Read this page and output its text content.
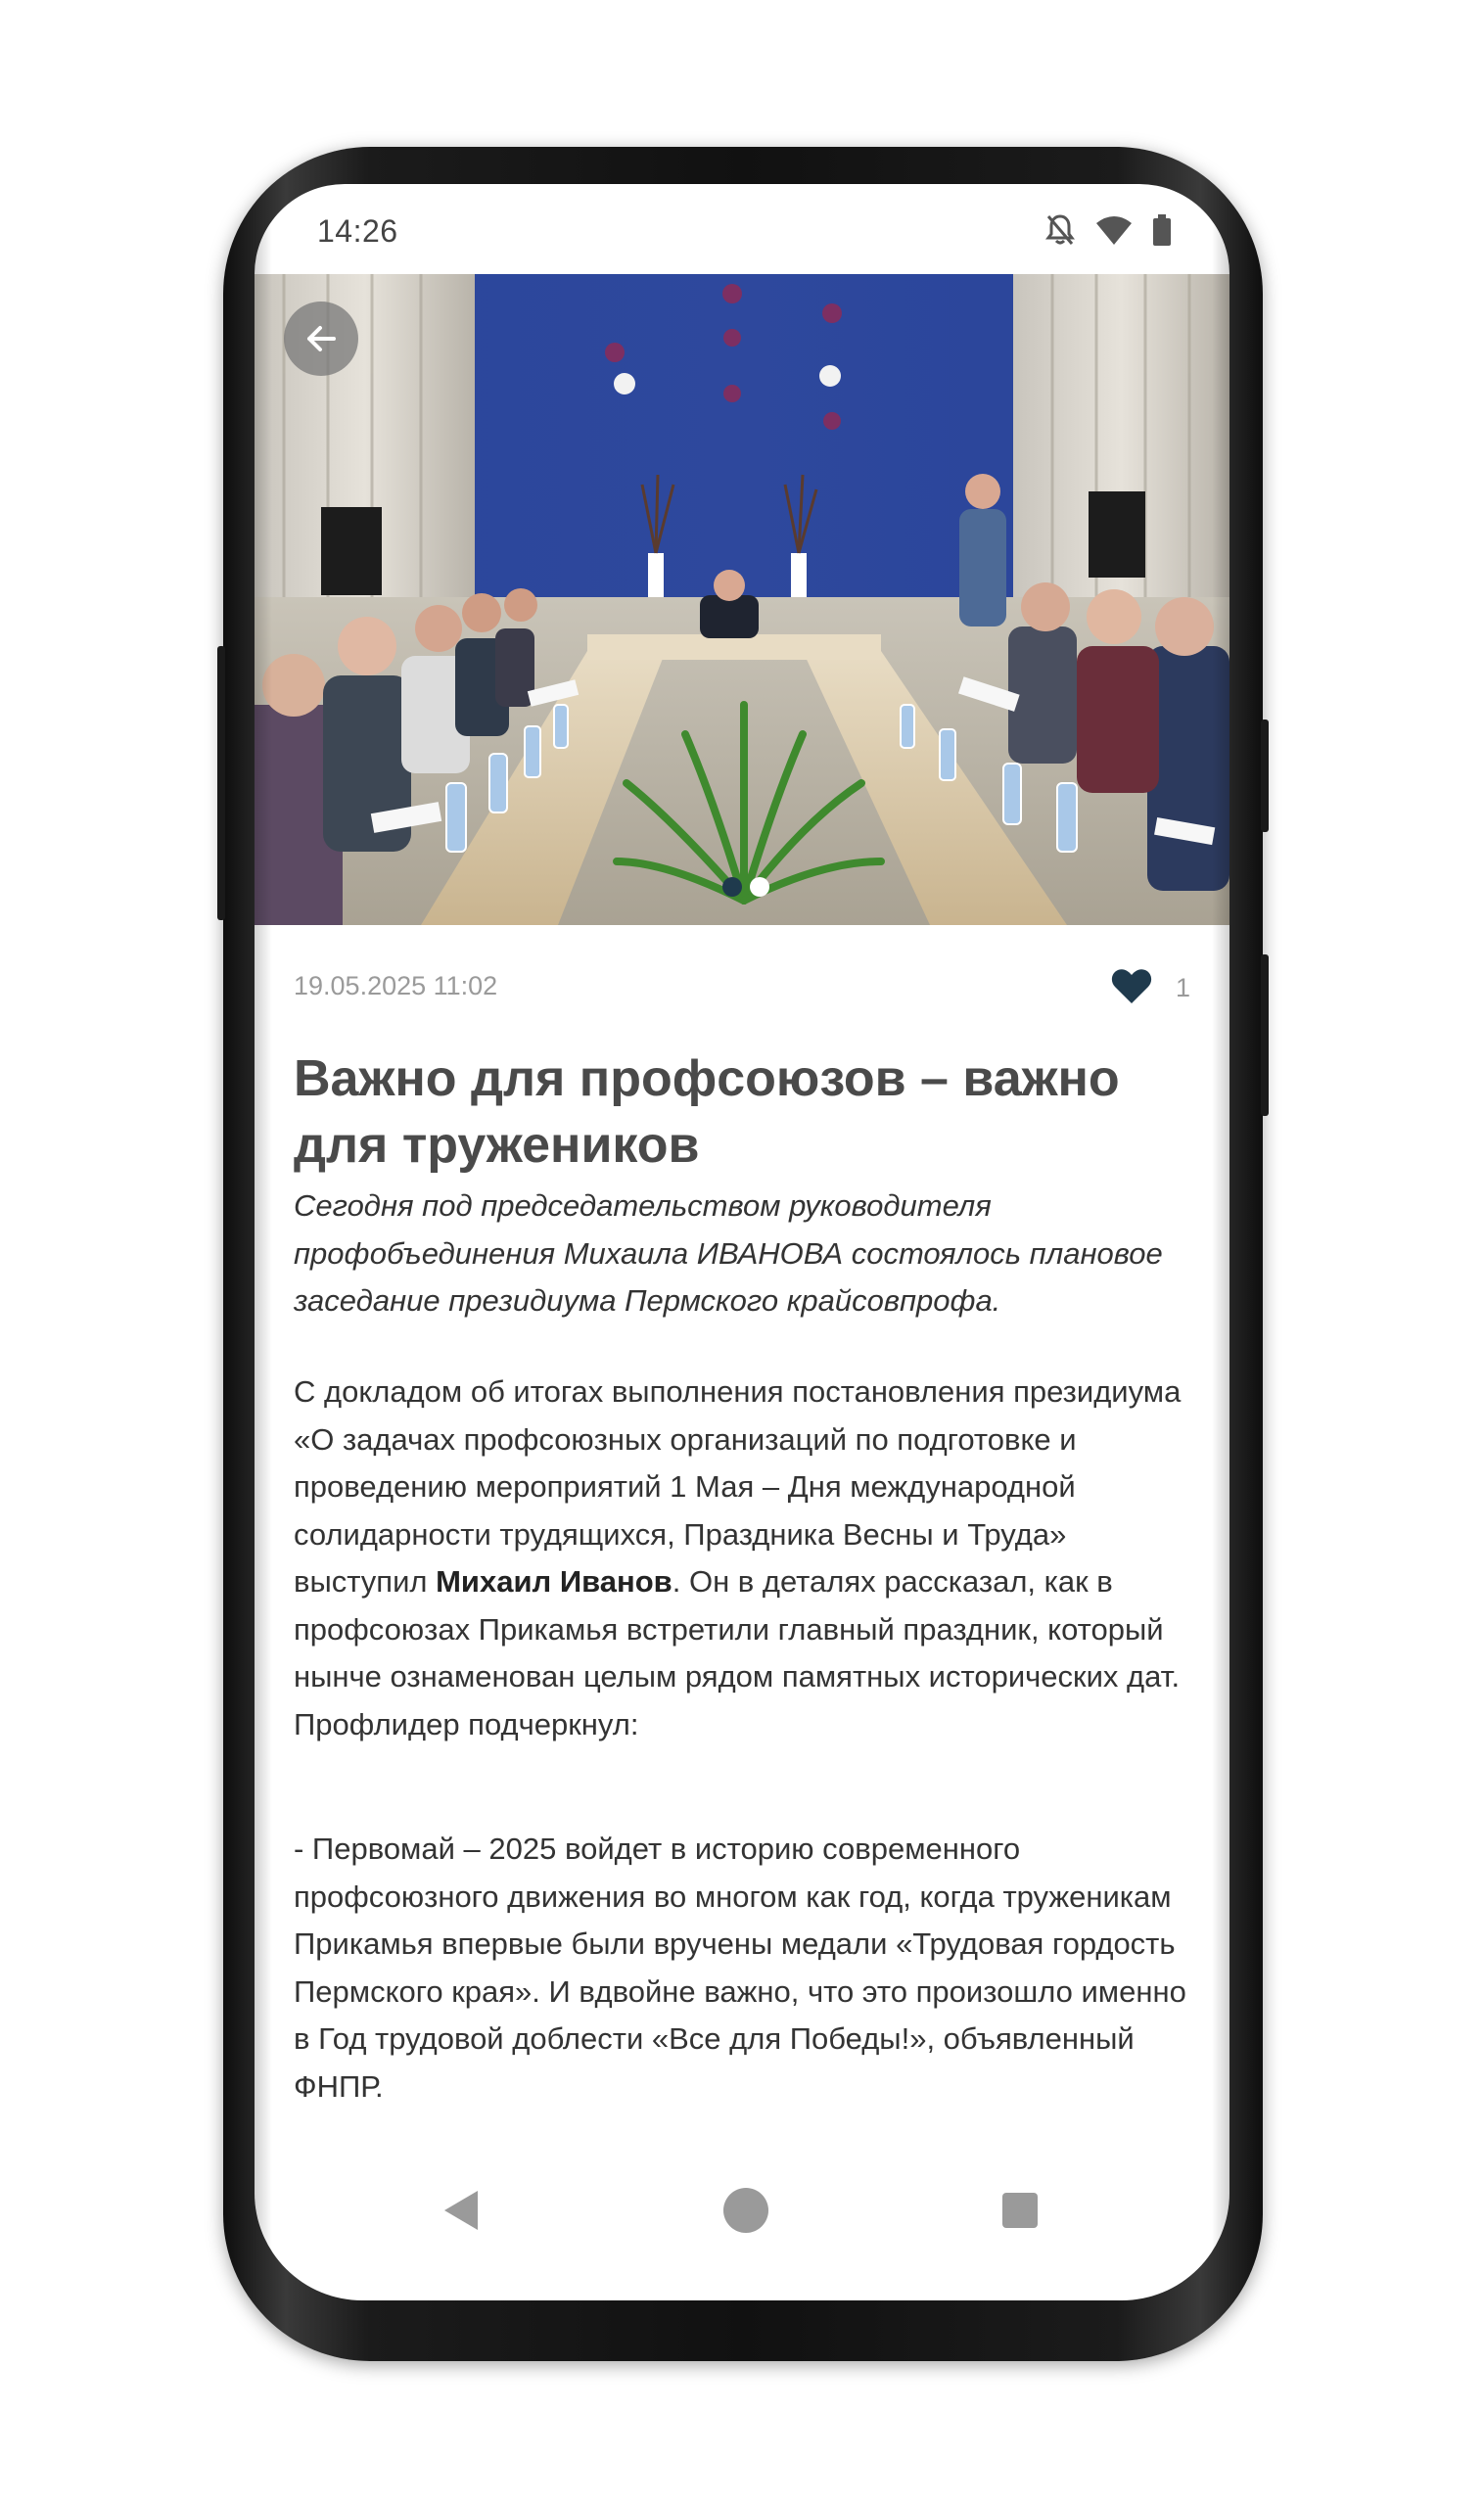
14:26
19.05.2025 11:02	1
Важно для профсоюзов – важно для тружеников

Сегодня под председательством руководителя профобъединения Михаила ИВАНОВА состоялось плановое заседание президиума Пермского крайсовпрофа.

С докладом об итогах выполнения постановления президиума «О задачах профсоюзных организаций по подготовке и проведению мероприятий 1 Мая – Дня международной солидарности трудящихся, Праздника Весны и Труда» выступил Михаил Иванов. Он в деталях рассказал, как в профсоюзах Прикамья встретили главный праздник, который нынче ознаменован целым рядом памятных исторических дат. Профлидер подчеркнул:

- Первомай – 2025 войдет в историю современного профсоюзного движения во многом как год, когда труженикам Прикамья впервые были вручены медали «Трудовая гордость Пермского края». И вдвойне важно, что это произошло именно в Год трудовой доблести «Все для Победы!», объявленный ФНПР.
